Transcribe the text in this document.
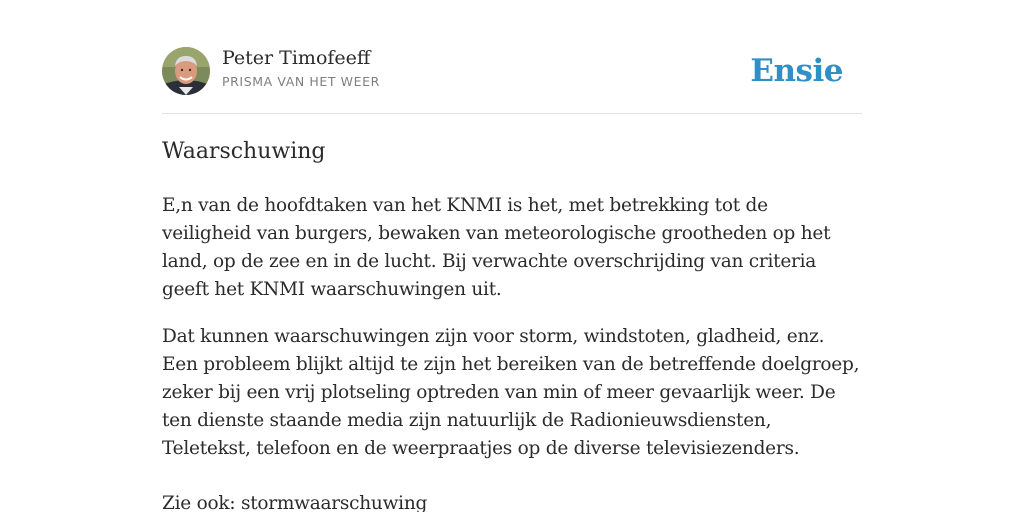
Peter Timofeeff
PRISMA VAN HET WEER	Ensie
Waarschuwing

E,n van de hoofdtaken van het KNMI is het, met betrekking tot de veiligheid van burgers, bewaken van meteorologische grootheden op het land, op de zee en in de lucht. Bij verwachte overschrijding van criteria geeft het KNMI waarschuwingen uit.

Dat kunnen waarschuwingen zijn voor storm, windstoten, gladheid, enz. Een probleem blijkt altijd te zijn het bereiken van de betreffende doelgroep, zeker bij een vrij plotseling optreden van min of meer gevaarlijk weer. De ten dienste staande media zijn natuurlijk de Radionieuwsdiensten, Teletekst, telefoon en de weerpraatjes op de diverse televisiezenders.

Zie ook: stormwaarschuwing
